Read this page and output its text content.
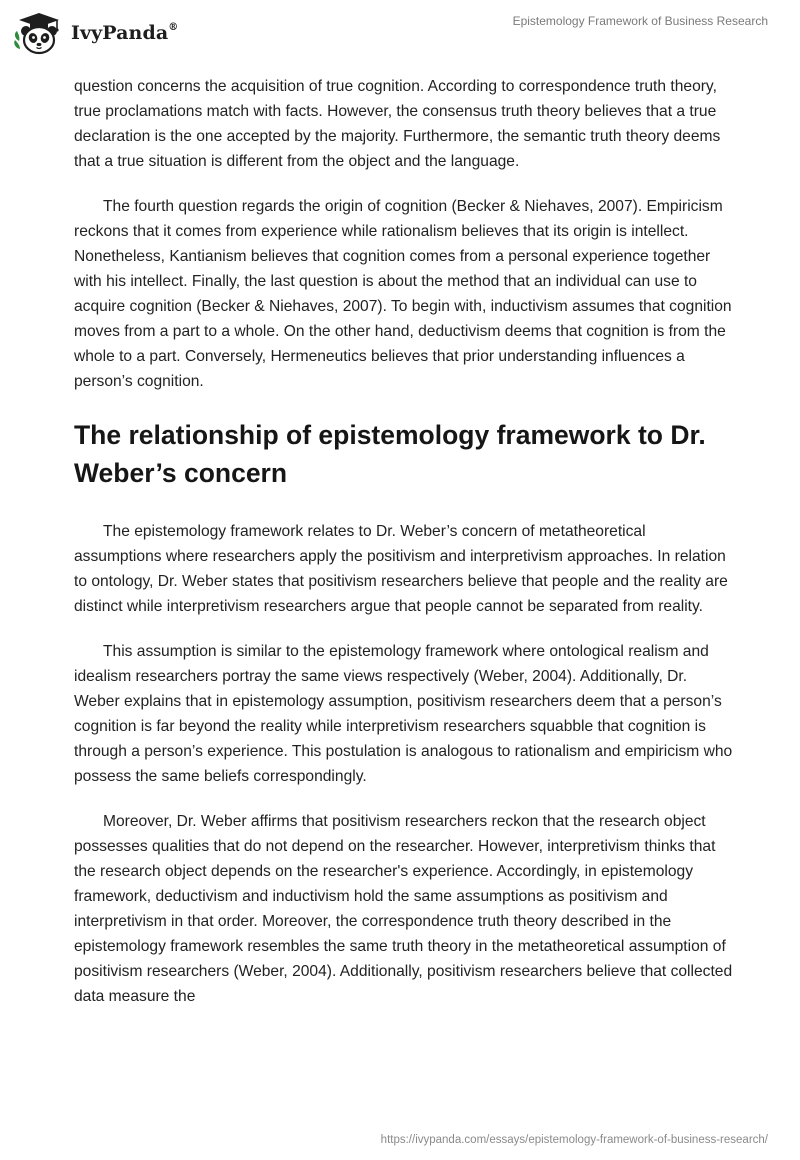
IvyPanda®	Epistemology Framework of Business Research

question concerns the acquisition of true cognition. According to correspondence truth theory, true proclamations match with facts. However, the consensus truth theory believes that a true declaration is the one accepted by the majority. Furthermore, the semantic truth theory deems that a true situation is different from the object and the language.

The fourth question regards the origin of cognition (Becker & Niehaves, 2007). Empiricism reckons that it comes from experience while rationalism believes that its origin is intellect. Nonetheless, Kantianism believes that cognition comes from a personal experience together with his intellect. Finally, the last question is about the method that an individual can use to acquire cognition (Becker & Niehaves, 2007). To begin with, inductivism assumes that cognition moves from a part to a whole. On the other hand, deductivism deems that cognition is from the whole to a part. Conversely, Hermeneutics believes that prior understanding influences a person’s cognition.

The relationship of epistemology framework to Dr. Weber’s concern

The epistemology framework relates to Dr. Weber’s concern of metatheoretical assumptions where researchers apply the positivism and interpretivism approaches. In relation to ontology, Dr. Weber states that positivism researchers believe that people and the reality are distinct while interpretivism researchers argue that people cannot be separated from reality.

This assumption is similar to the epistemology framework where ontological realism and idealism researchers portray the same views respectively (Weber, 2004). Additionally, Dr. Weber explains that in epistemology assumption, positivism researchers deem that a person’s cognition is far beyond the reality while interpretivism researchers squabble that cognition is through a person’s experience. This postulation is analogous to rationalism and empiricism who possess the same beliefs correspondingly.

Moreover, Dr. Weber affirms that positivism researchers reckon that the research object possesses qualities that do not depend on the researcher. However, interpretivism thinks that the research object depends on the researcher's experience. Accordingly, in epistemology framework, deductivism and inductivism hold the same assumptions as positivism and interpretivism in that order. Moreover, the correspondence truth theory described in the epistemology framework resembles the same truth theory in the metatheoretical assumption of positivism researchers (Weber, 2004). Additionally, positivism researchers believe that collected data measure the

https://ivypanda.com/essays/epistemology-framework-of-business-research/
